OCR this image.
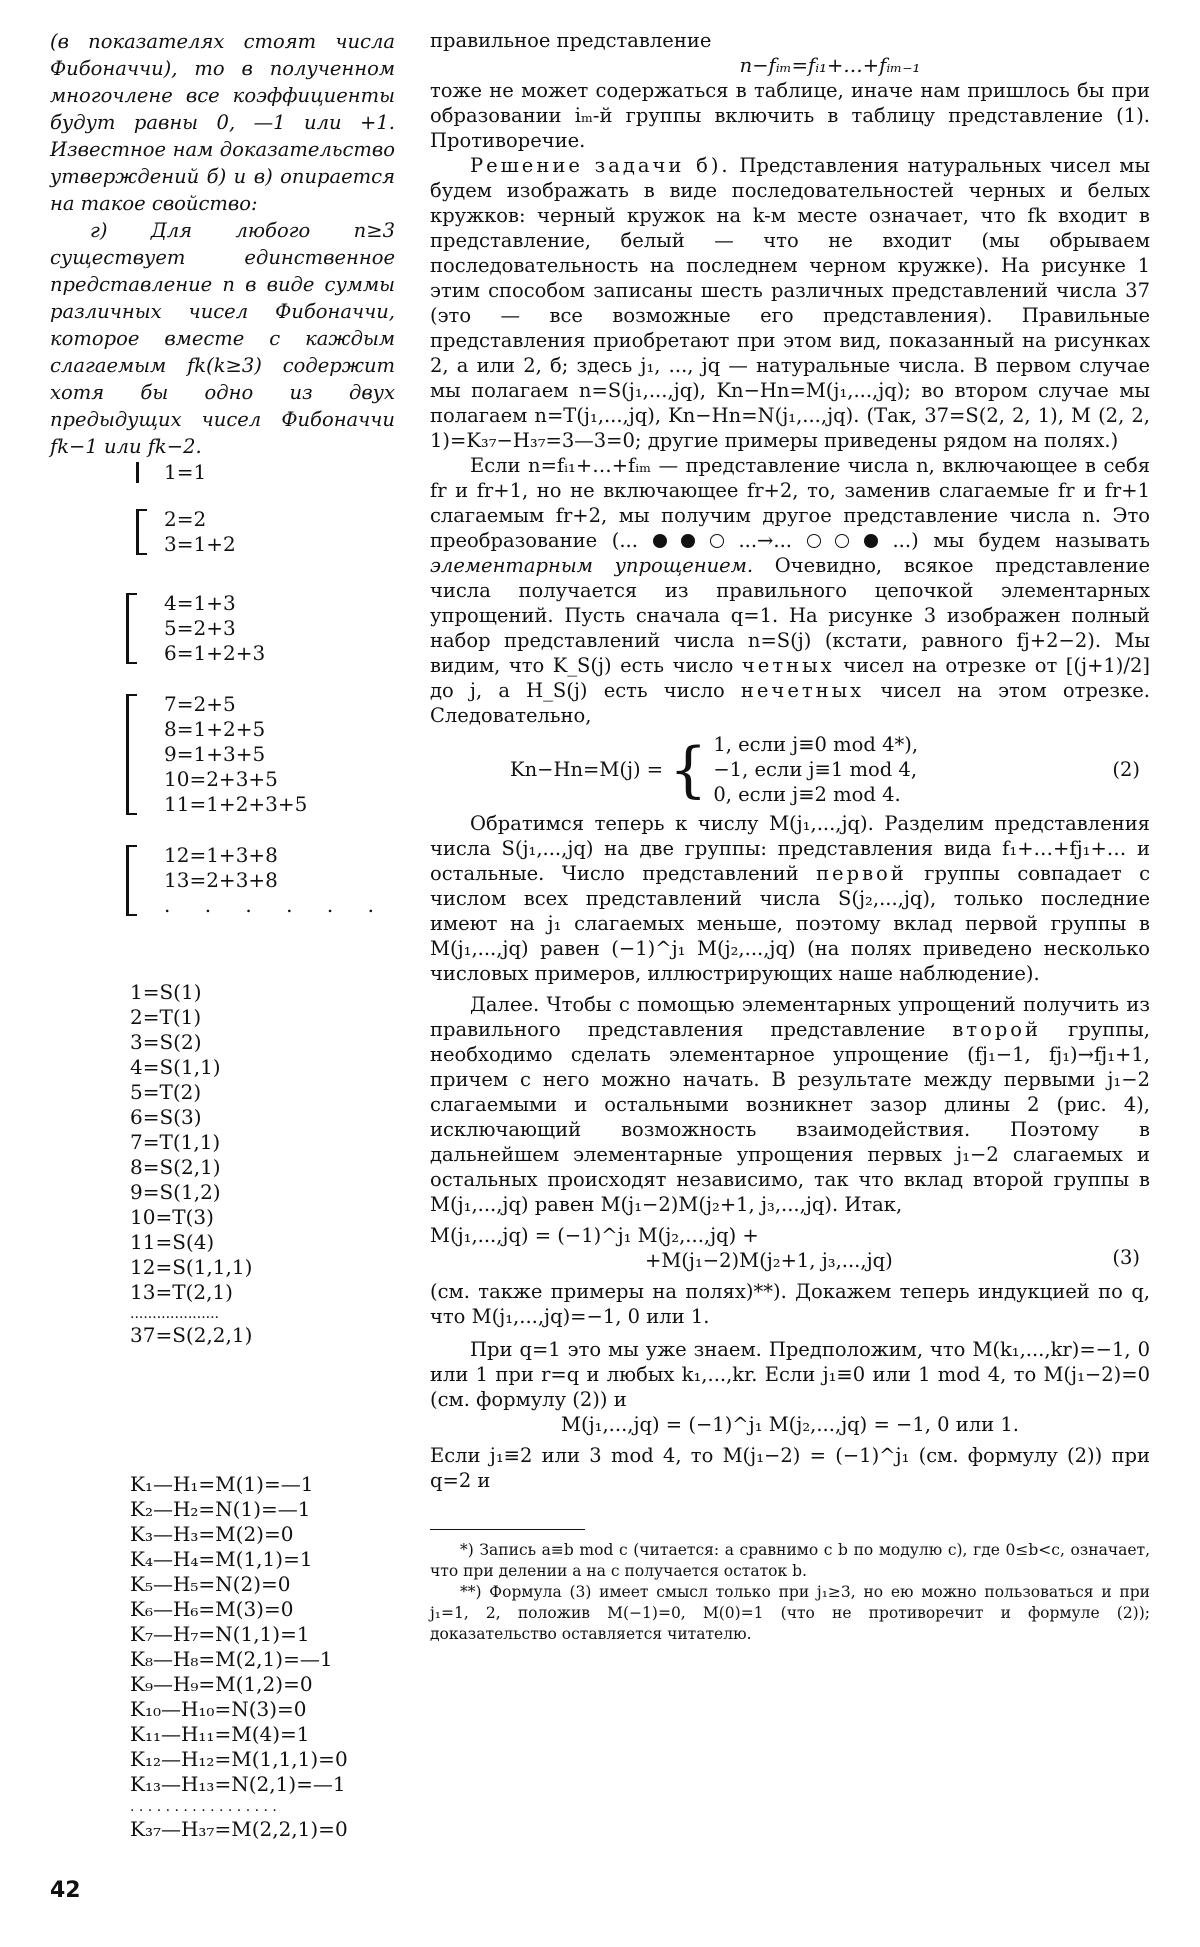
(в показателях стоят числа Фибоначчи), то в полученном многочлене все коэффициенты будут равны 0, —1 или +1. Известное нам доказательство утверждений б) и в) опирается на такое свойство:

г) Для любого n≥3 существует единственное представление n в виде суммы различных чисел Фибоначчи, которое вместе с каждым слагаемым fk(k≥3) содержит хотя бы одно из двух предыдущих чисел Фибоначчи fk−1 или fk−2.

1=1
2=2
3=1+2
4=1+3
5=2+3
6=1+2+3
7=2+5
8=1+2+5
9=1+3+5
10=2+3+5
11=1+2+3+5
12=1+3+8
13=2+3+8
. . . . . .
1=S(1)
2=T(1)
3=S(2)
4=S(1,1)
5=T(2)
6=S(3)
7=T(1,1)
8=S(2,1)
9=S(1,2)
10=T(3)
11=S(4)
12=S(1,1,1)
13=T(2,1)
....................
37=S(2,2,1)
K₁—H₁=M(1)=—1
K₂—H₂=N(1)=—1
K₃—H₃=M(2)=0
K₄—H₄=M(1,1)=1
K₅—H₅=N(2)=0
K₆—H₆=M(3)=0
K₇—H₇=N(1,1)=1
K₈—H₈=M(2,1)=—1
K₉—H₉=M(1,2)=0
K₁₀—H₁₀=N(3)=0
K₁₁—H₁₁=M(4)=1
K₁₂—H₁₂=M(1,1,1)=0
K₁₃—H₁₃=N(2,1)=—1
. . . . . . . . . . . . . . . . .
K₃₇—H₃₇=M(2,2,1)=0

правильное представление

n−fᵢₘ=fᵢ₁+…+fᵢₘ₋₁

тоже не может содержаться в таблице, иначе нам пришлось бы при образовании iₘ-й группы включить в таблицу представление (1). Противоречие.

Решение задачи б). Представления натуральных чисел мы будем изображать в виде последовательностей черных и белых кружков: черный кружок на k-м месте означает, что fk входит в представление, белый — что не входит (мы обрываем последовательность на последнем черном кружке). На рисунке 1 этим способом записаны шесть различных представлений числа 37 (это — все возможные его представления). Правильные представления приобретают при этом вид, показанный на рисунках 2, а или 2, б; здесь j₁, ..., jq — натуральные числа. В первом случае мы полагаем n=S(j₁,...,jq), Kn−Hn=M(j₁,...,jq); во втором случае мы полагаем n=T(j₁,...,jq), Kn−Hn=N(j₁,...,jq). (Так, 37=S(2, 2, 1), M (2, 2, 1)=K₃₇−H₃₇=3—3=0; другие примеры приведены рядом на полях.)

Если n=fᵢ₁+…+fᵢₘ — представление числа n, включающее в себя fr и fr+1, но не включающее fr+2, то, заменив слагаемые fr и fr+1 слагаемым fr+2, мы получим другое представление числа n. Это преобразование (...	...→...	...) мы будем называть элементарным упрощением. Очевидно, всякое представление числа получается из правильного цепочкой элементарных упрощений. Пусть сначала q=1. На рисунке 3 изображен полный набор представлений числа n=S(j) (кстати, равного fj+2−2). Мы видим, что K_S(j) есть число четных чисел на отрезке от [(j+1)/2] до j, а H_S(j) есть число нечетных чисел на этом отрезке. Следовательно,

Kn−Hn=M(j) = { 1, если j≡0 mod 4*),
−1, если j≡1 mod 4,
0, если j≡2 mod 4.
(2)

Обратимся теперь к числу M(j₁,...,jq). Разделим представления числа S(j₁,...,jq) на две группы: представления вида f₁+…+fj₁+… и остальные. Число представлений первой группы совпадает с числом всех представлений числа S(j₂,...,jq), только последние имеют на j₁ слагаемых меньше, поэтому вклад первой группы в M(j₁,...,jq) равен (−1)^j₁ M(j₂,...,jq) (на полях приведено несколько числовых примеров, иллюстрирующих наше наблюдение).

Далее. Чтобы с помощью элементарных упрощений получить из правильного представления представление второй группы, необходимо сделать элементарное упрощение (fj₁−1, fj₁)→fj₁+1, причем с него можно начать. В результате между первыми j₁−2 слагаемыми и остальными возникнет зазор длины 2 (рис. 4), исключающий возможность взаимодействия. Поэтому в дальнейшем элементарные упрощения первых j₁−2 слагаемых и остальных происходят независимо, так что вклад второй группы в M(j₁,...,jq) равен M(j₁−2)M(j₂+1, j₃,...,jq). Итак,

M(j₁,...,jq) = (−1)^j₁ M(j₂,...,jq) +
+M(j₁−2)M(j₂+1, j₃,...,jq)	(3)

(см. также примеры на полях)**). Докажем теперь индукцией по q, что M(j₁,...,jq)=−1, 0 или 1.

При q=1 это мы уже знаем. Предположим, что M(k₁,...,kr)=−1, 0 или 1 при r=q и любых k₁,...,kr. Если j₁≡0 или 1 mod 4, то M(j₁−2)=0 (см. формулу (2)) и

M(j₁,...,jq) = (−1)^j₁ M(j₂,...,jq) = −1, 0 или 1.

Если j₁≡2 или 3 mod 4, то M(j₁−2) = (−1)^j₁ (см. формулу (2)) при q=2 и

*) Запись a≡b mod c (читается: a сравнимо с b по модулю c), где 0≤b<c, означает, что при делении a на c получается остаток b.

**) Формула (3) имеет смысл только при j₁≥3, но ею можно пользоваться и при j₁=1, 2, положив M(−1)=0, M(0)=1 (что не противоречит и формуле (2)); доказательство оставляется читателю.

42
